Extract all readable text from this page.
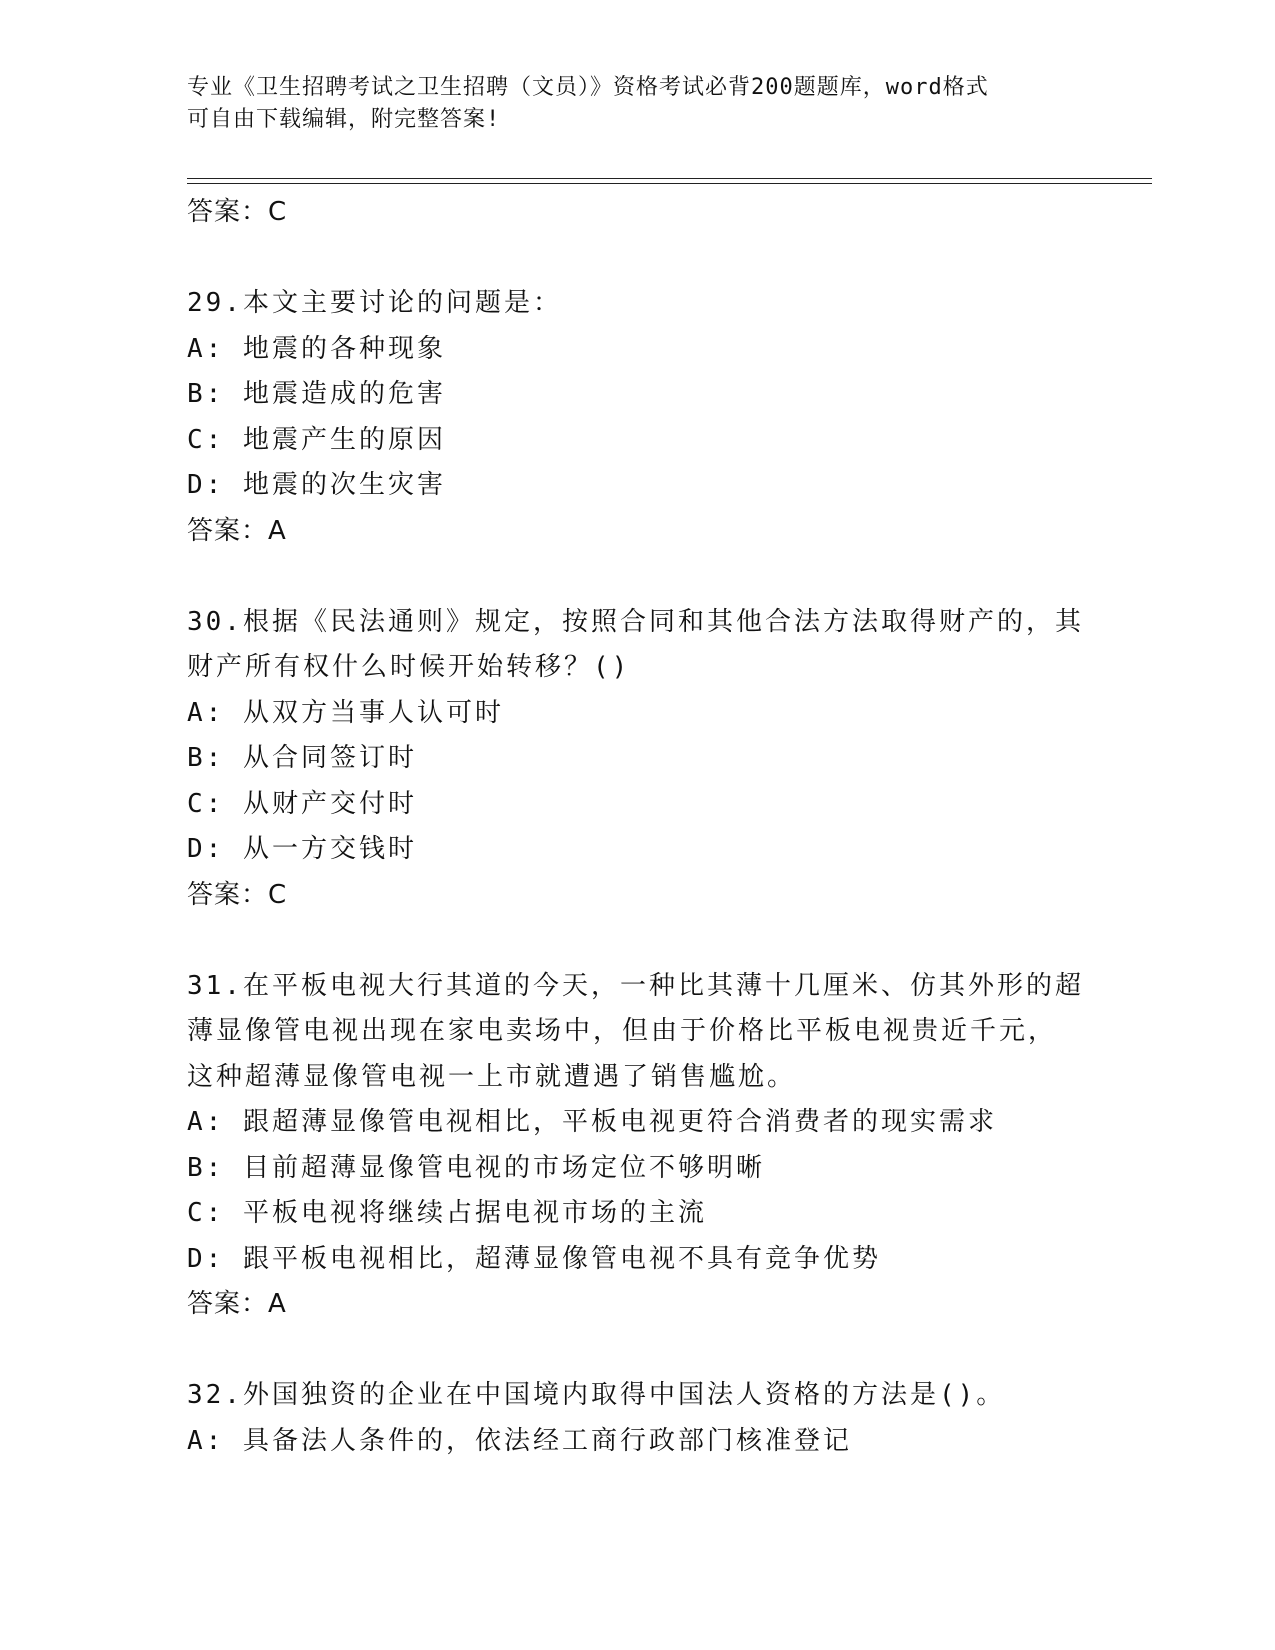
专业《卫生招聘考试之卫生招聘（文员）》资格考试必背200题题库，word格式
可自由下载编辑，附完整答案!
答案：C
29.本文主要讨论的问题是：
A: 地震的各种现象
B: 地震造成的危害
C: 地震产生的原因
D: 地震的次生灾害
答案：A
30.根据《民法通则》规定，按照合同和其他合法方法取得财产的，其
财产所有权什么时候开始转移？()
A: 从双方当事人认可时
B: 从合同签订时
C: 从财产交付时
D: 从一方交钱时
答案：C
31.在平板电视大行其道的今天，一种比其薄十几厘米、仿其外形的超
薄显像管电视出现在家电卖场中，但由于价格比平板电视贵近千元，
这种超薄显像管电视一上市就遭遇了销售尴尬。
A: 跟超薄显像管电视相比，平板电视更符合消费者的现实需求
B: 目前超薄显像管电视的市场定位不够明晰
C: 平板电视将继续占据电视市场的主流
D: 跟平板电视相比，超薄显像管电视不具有竞争优势
答案：A
32.外国独资的企业在中国境内取得中国法人资格的方法是()。
A: 具备法人条件的，依法经工商行政部门核准登记
